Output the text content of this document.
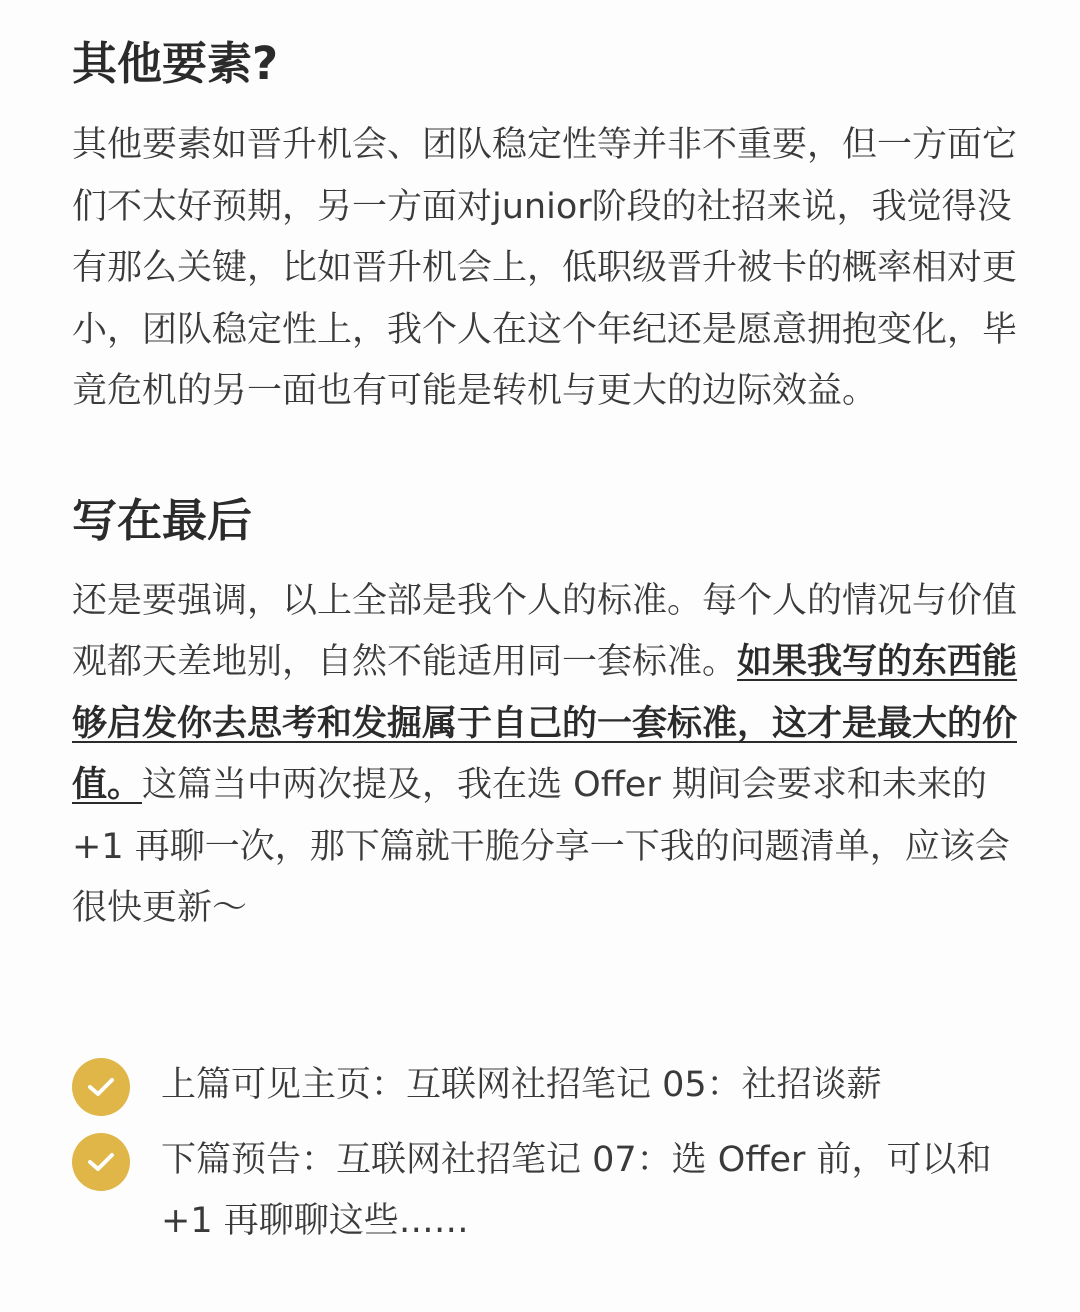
其他要素?

其他要素如晋升机会、团队稳定性等并非不重要，但一方面它们不太好预期，另一方面对junior阶段的社招来说，我觉得没有那么关键，比如晋升机会上，低职级晋升被卡的概率相对更小，团队稳定性上，我个人在这个年纪还是愿意拥抱变化，毕竟危机的另一面也有可能是转机与更大的边际效益。

写在最后

还是要强调，以上全部是我个人的标准。每个人的情况与价值观都天差地别，自然不能适用同一套标准。如果我写的东西能够启发你去思考和发掘属于自己的一套标准，这才是最大的价值。这篇当中两次提及，我在选 Offer 期间会要求和未来的 +1 再聊一次，那下篇就干脆分享一下我的问题清单，应该会很快更新～

上篇可见主页：互联网社招笔记 05：社招谈薪
下篇预告：互联网社招笔记 07：选 Offer 前，可以和 +1 再聊聊这些……
